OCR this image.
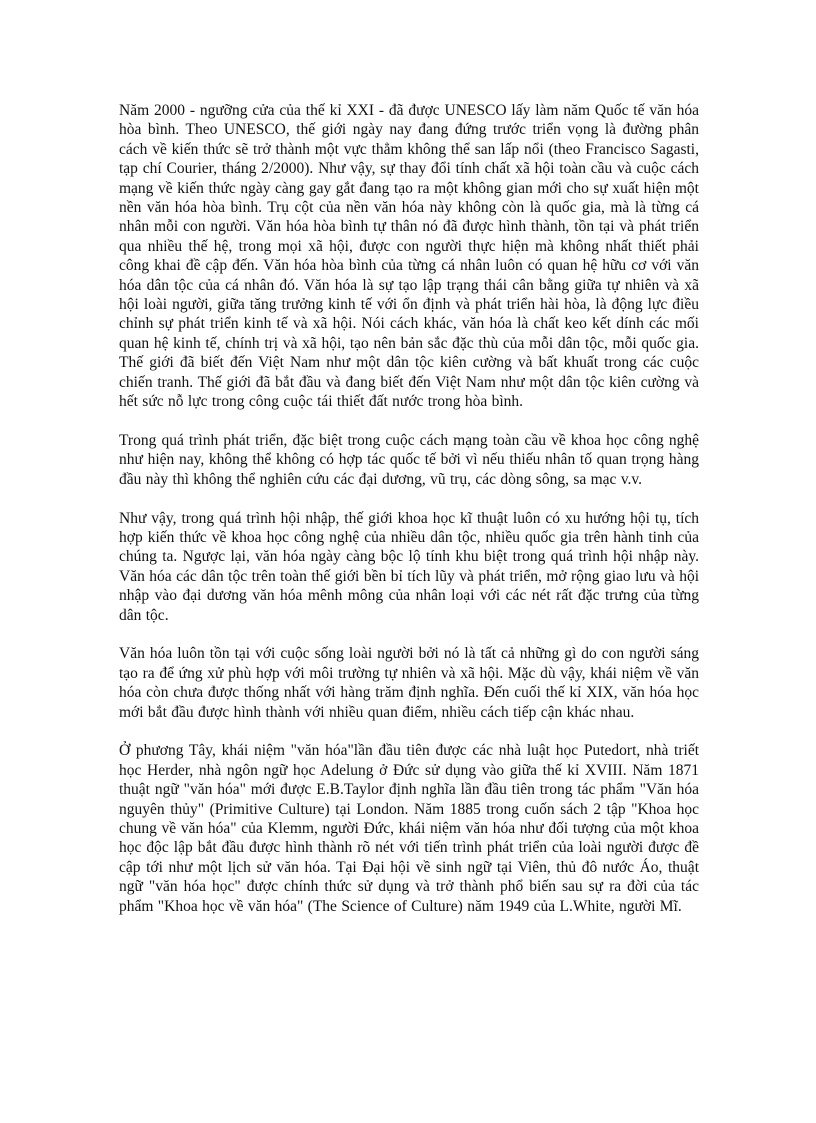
Năm 2000 - ngưỡng cửa của thế kỉ XXI - đã được UNESCO lấy làm năm Quốc tế văn hóa hòa bình. Theo UNESCO, thế giới ngày nay đang đứng trước triển vọng là đường phân cách về kiến thức sẽ trở thành một vực thẳm không thể san lấp nổi (theo Francisco Sagasti, tạp chí Courier, tháng 2/2000). Như vậy, sự thay đổi tính chất xã hội toàn cầu và cuộc cách mạng về kiến thức ngày càng gay gắt đang tạo ra một không gian mới cho sự xuất hiện một nền văn hóa hòa bình. Trụ cột của nền văn hóa này không còn là quốc gia, mà là từng cá nhân mỗi con người. Văn hóa hòa bình tự thân nó đã được hình thành, tồn tại và phát triển qua nhiều thế hệ, trong mọi xã hội, được con người thực hiện mà không nhất thiết phải công khai đề cập đến. Văn hóa hòa bình của từng cá nhân luôn có quan hệ hữu cơ với văn hóa dân tộc của cá nhân đó. Văn hóa là sự tạo lập trạng thái cân bằng giữa tự nhiên và xã hội loài người, giữa tăng trưởng kinh tế với ổn định và phát triển hài hòa, là động lực điều chỉnh sự phát triển kinh tế và xã hội. Nói cách khác, văn hóa là chất keo kết dính các mối quan hệ kinh tế, chính trị và xã hội, tạo nên bản sắc đặc thù của mỗi dân tộc, mỗi quốc gia. Thế giới đã biết đến Việt Nam như một dân tộc kiên cường và bất khuất trong các cuộc chiến tranh. Thế giới đã bắt đầu và đang biết đến Việt Nam như một dân tộc kiên cường và hết sức nỗ lực trong công cuộc tái thiết đất nước trong hòa bình.

Trong quá trình phát triển, đặc biệt trong cuộc cách mạng toàn cầu về khoa học công nghệ như hiện nay, không thể không có hợp tác quốc tế bởi vì nếu thiếu nhân tố quan trọng hàng đầu này thì không thể nghiên cứu các đại dương, vũ trụ, các dòng sông, sa mạc v.v.

Như vậy, trong quá trình hội nhập, thế giới khoa học kĩ thuật luôn có xu hướng hội tụ, tích hợp kiến thức về khoa học công nghệ của nhiều dân tộc, nhiều quốc gia trên hành tinh của chúng ta. Ngược lại, văn hóa ngày càng bộc lộ tính khu biệt trong quá trình hội nhập này. Văn hóa các dân tộc trên toàn thế giới bền bỉ tích lũy và phát triển, mở rộng giao lưu và hội nhập vào đại dương văn hóa mênh mông của nhân loại với các nét rất đặc trưng của từng dân tộc.

Văn hóa luôn tồn tại với cuộc sống loài người bởi nó là tất cả những gì do con người sáng tạo ra để ứng xử phù hợp với môi trường tự nhiên và xã hội. Mặc dù vậy, khái niệm về văn hóa còn chưa được thống nhất với hàng trăm định nghĩa. Đến cuối thế kỉ XIX, văn hóa học mới bắt đầu được hình thành với nhiều quan điểm, nhiều cách tiếp cận khác nhau.

Ở phương Tây, khái niệm "văn hóa"lần đầu tiên được các nhà luật học Putedort, nhà triết học Herder, nhà ngôn ngữ học Adelung ở Đức sử dụng vào giữa thế kỉ XVIII. Năm 1871 thuật ngữ "văn hóa" mới được E.B.Taylor định nghĩa lần đầu tiên trong tác phẩm "Văn hóa nguyên thủy" (Primitive Culture) tại London. Năm 1885 trong cuốn sách 2 tập "Khoa học chung về văn hóa" của Klemm, người Đức, khái niệm văn hóa như đối tượng của một khoa học độc lập bắt đầu được hình thành rõ nét với tiến trình phát triển của loài người được đề cập tới như một lịch sử văn hóa. Tại Đại hội về sinh ngữ tại Viên, thủ đô nước Áo, thuật ngữ "văn hóa học" được chính thức sử dụng và trở thành phổ biến sau sự ra đời của tác phẩm "Khoa học về văn hóa" (The Science of Culture) năm 1949 của L.White, người Mĩ.
